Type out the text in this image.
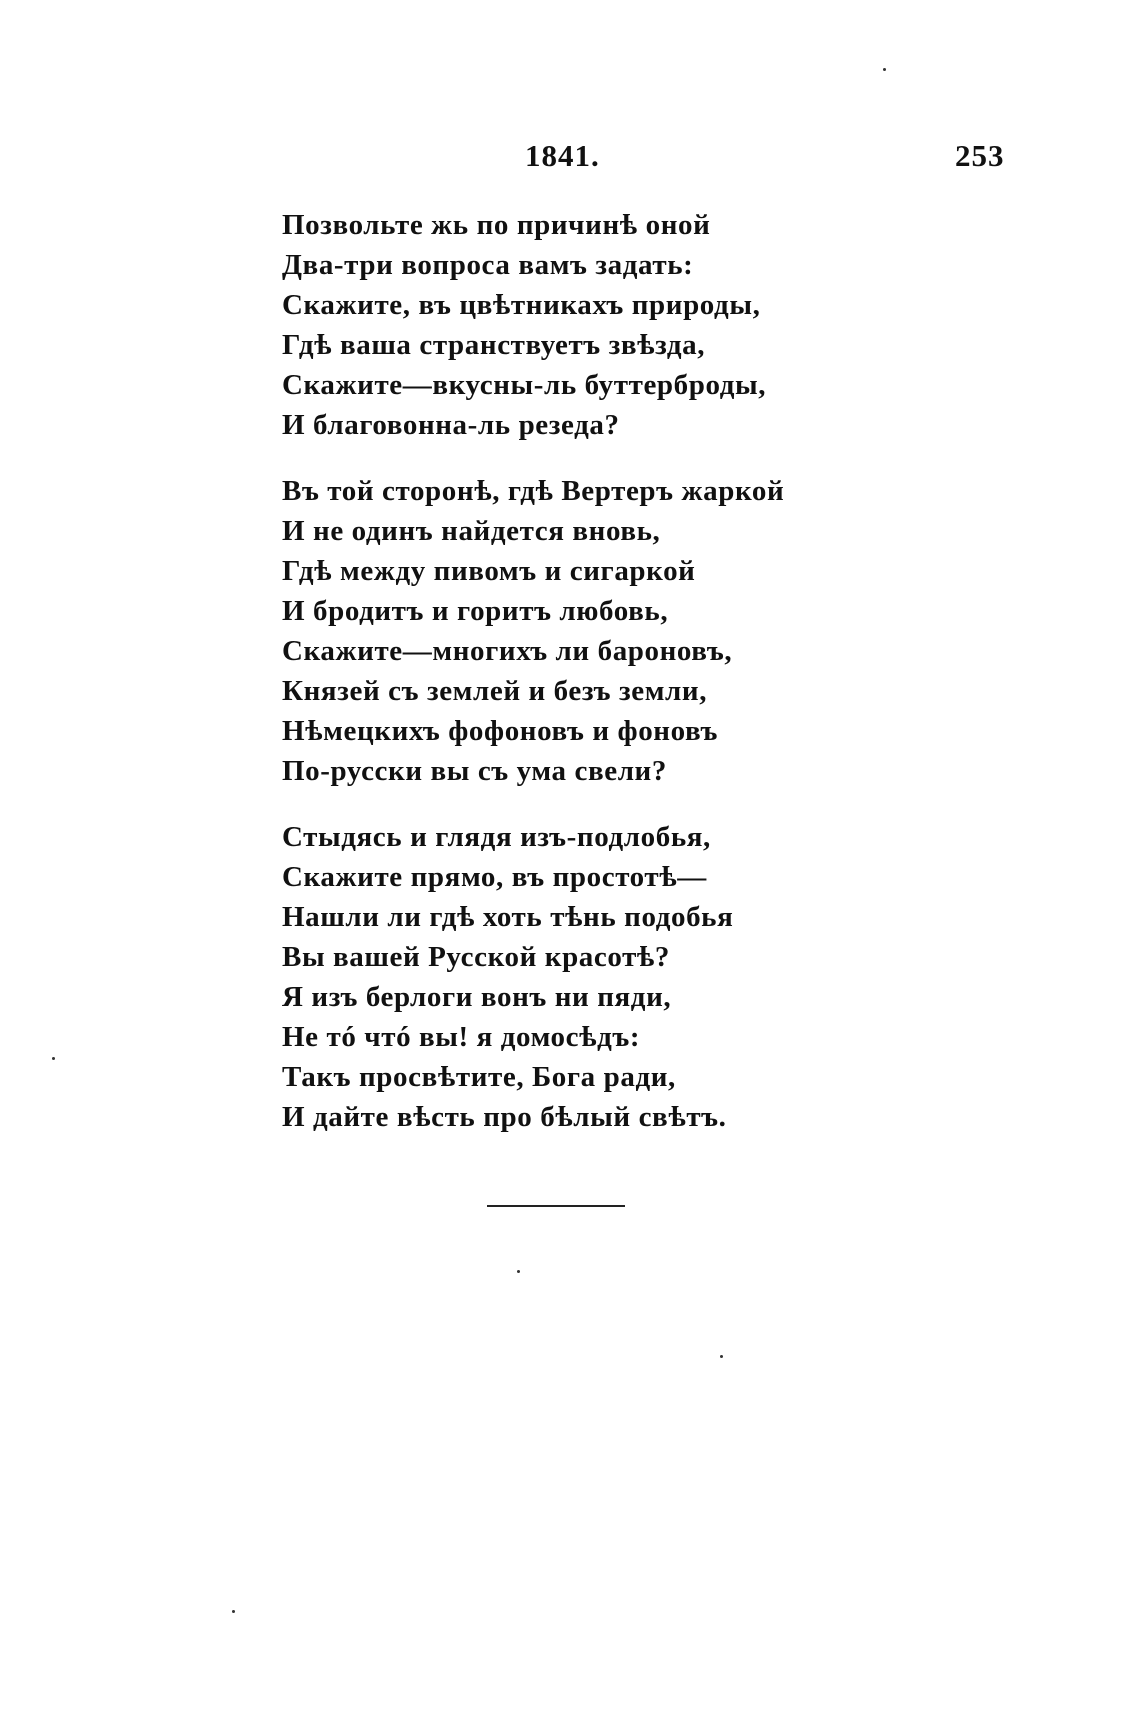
1841.	253
Позвольте жь по причинѣ оной
Два-три вопроса вамъ задать:
Скажите, въ цвѣтникахъ природы,
Гдѣ ваша странствуетъ звѣзда,
Скажите—вкусны-ль буттерброды,
И благовонна-ль резеда?
Въ той сторонѣ, гдѣ Вертеръ жаркой
И не одинъ найдется вновь,
Гдѣ между пивомъ и сигаркой
И бродитъ и горитъ любовь,
Скажите—многихъ ли бароновъ,
Князей съ землей и безъ земли,
Нѣмецкихъ фофоновъ и фоновъ
По-русски вы съ ума свели?
Стыдясь и глядя изъ-подлобья,
Скажите прямо, въ простотѣ—
Нашли ли гдѣ хоть тѣнь подобья
Вы вашей Русской красотѣ?
Я изъ берлоги вонъ ни пяди,
Не тó чтó вы! я домосѣдъ:
Такъ просвѣтите, Бога ради,
И дайте вѣсть про бѣлый свѣтъ.
